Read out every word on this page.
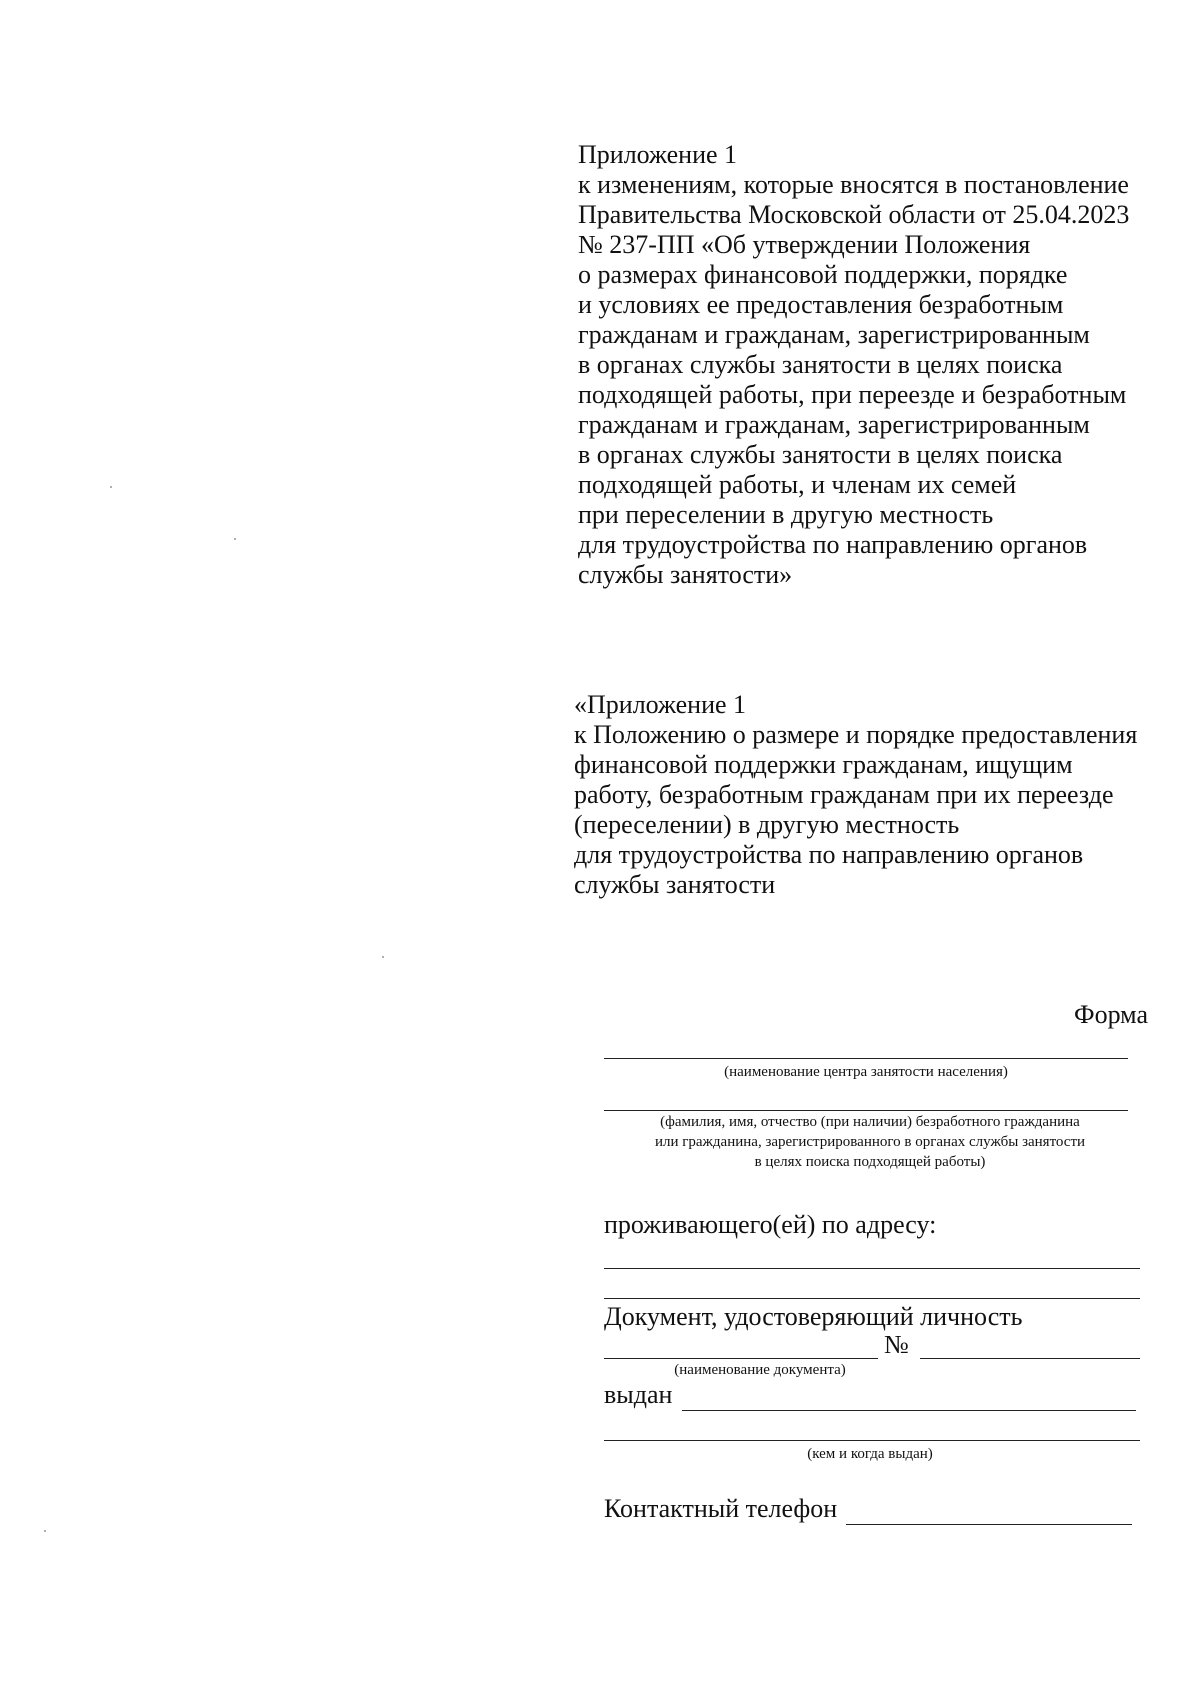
Приложение 1
к изменениям, которые вносятся в постановление
Правительства Московской области от 25.04.2023
№ 237-ПП «Об утверждении Положения
о размерах финансовой поддержки, порядке
и условиях ее предоставления безработным
гражданам и гражданам, зарегистрированным
в органах службы занятости в целях поиска
подходящей работы, при переезде и безработным
гражданам и гражданам, зарегистрированным
в органах службы занятости в целях поиска
подходящей работы, и членам их семей
при переселении в другую местность
для трудоустройства по направлению органов
службы занятости»
«Приложение 1
к Положению о размере и порядке предоставления
финансовой поддержки гражданам, ищущим
работу, безработным гражданам при их переезде
(переселении) в другую местность
для трудоустройства по направлению органов
службы занятости
Форма
(наименование центра занятости населения)
(фамилия, имя, отчество (при наличии) безработного гражданина
или гражданина, зарегистрированного в органах службы занятости
в целях поиска подходящей работы)
проживающего(ей) по адресу:
Документ, удостоверяющий личность
№
(наименование документа)
выдан
(кем и когда выдан)
Контактный телефон
